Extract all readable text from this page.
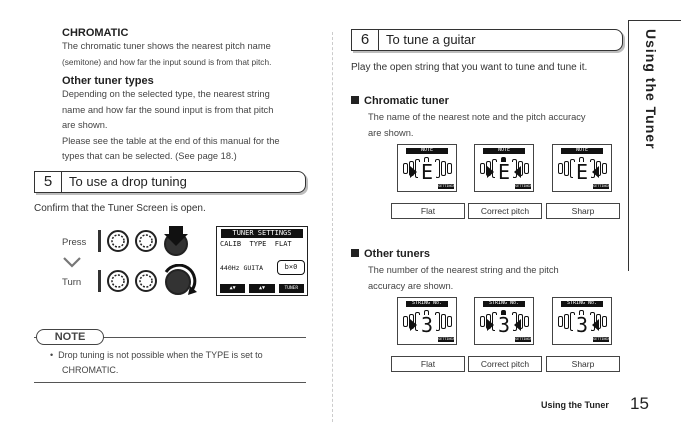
CHROMATIC
The chromatic tuner shows the nearest pitch name
(semitone) and how far the input sound is from that pitch.
Other tuner types
Depending on the selected type, the nearest string
name and how far the sound input is from that pitch
are shown.
Please see the table at the end of this manual for the
types that can be selected. (See page 18.)
5	To use a drop tuning
Confirm that the Tuner Screen is open.
Press
Turn
TUNER SETTINGS
CALIB  TYPE  FLAT
440Hz GUITA	b×0
▲▼	▲▼	TUNER
NOTE
•  Drop tuning is not possible when the TYPE is set to
CHROMATIC.
6	To tune a guitar
Play the open string that you want to tune and tune it.
Chromatic tuner
The name of the nearest note and the pitch accuracy
are shown.
NOTE
E
SETTINGS
Flat
NOTE
E
SETTINGS
Correct pitch
NOTE
E
SETTINGS
Sharp
Other tuners
The number of the nearest string and the pitch
accuracy are shown.
STRING No.
3
SETTINGS
Flat
STRING No.
3
SETTINGS
Correct pitch
STRING No.
3
SETTINGS
Sharp
Using the Tuner
Using the Tuner 15
